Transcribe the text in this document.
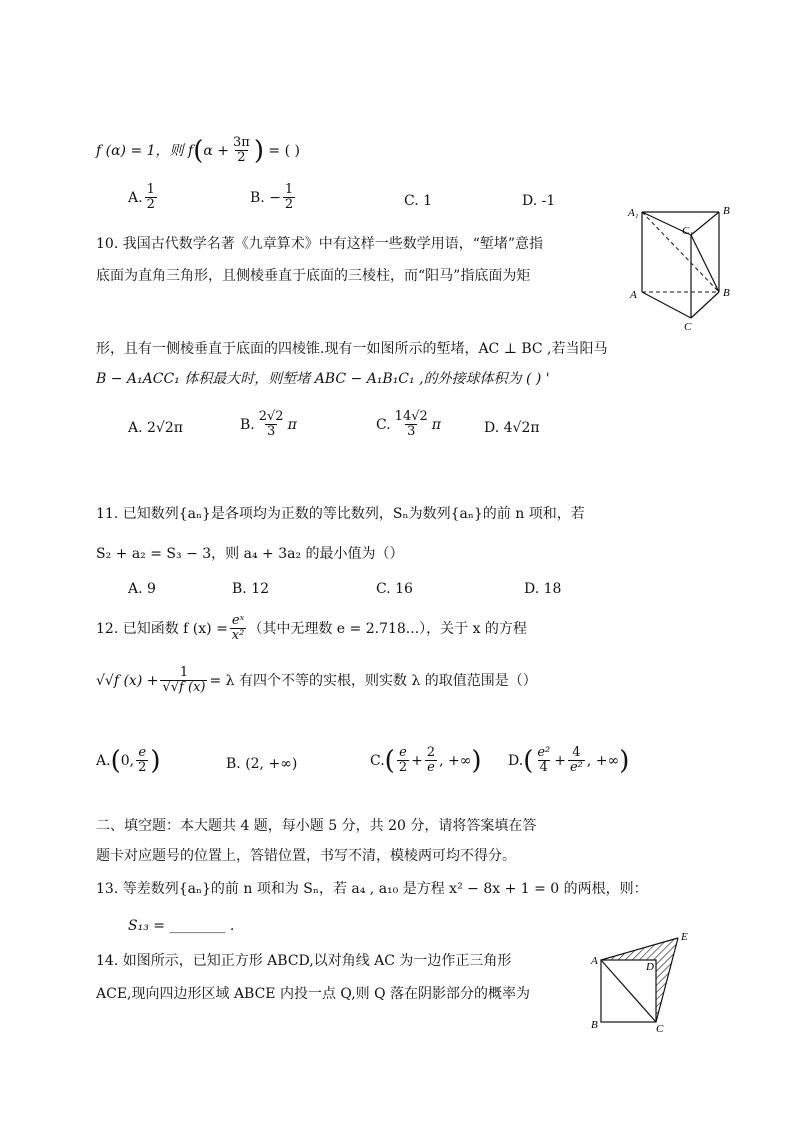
f (α) = 1，则 $f(\alpha + \frac{3\pi}{2}$ ) = ( )
A. $\frac{1}{2}$	B. − $\frac{1}{2}$	C. 1	D. -1
10. 我国古代数学名著《九章算术》中有这样一些数学用语，“堑堵”意指
底面为直角三角形，且侧棱垂直于底面的三棱柱，而“阳马”指底面为矩
形，且有一侧棱垂直于底面的四棱锥.现有一如图所示的堑堵，AC ⊥ BC ,若当阳马
B − A₁ACC₁ 体积最大时，则堑堵 ABC − A₁B₁C₁ ,的外接球体积为 ( ) '
A. 2√2π	B. $\frac{2√2}{3}$ π	C. $\frac{14√2}{3}$ π	D. 4√2π
A₁	B
C₁
A	B
C
11. 已知数列{aₙ}是各项均为正数的等比数列，Sₙ为数列{aₙ}的前 n 项和，若
S₂ + a₂ = S₃ − 3，则 a₄ + 3a₂ 的最小值为（）
A. 9	B. 12	C. 16	D. 18
12. 已知函数 f $(x) = \frac{\text{eˣ}}{\text{x²}}$ （其中无理数 e = 2.718...），关于 x 的方程
√√f $(x) + \frac{1}{√√f (x)} = \lambda$ 有四个不等的实根，则实数 λ 的取值范围是（）
A.(0, $\frac{e}{2}$ )	B. (2, +∞)	$C.( \frac{e}{2} + \frac{2}{e}$ , +∞) $D.( \frac{\text{e²}}{4} + \frac{4}{\text{e²}}$ , +∞)
二、填空题：本大题共 4 题，每小题 5 分，共 20 分，请将答案填在答
题卡对应题号的位置上，答错位置，书写不清，模棱两可均不得分。
13. 等差数列{aₙ}的前 n 项和为 Sₙ，若 a₄ , a₁₀ 是方程 x² − 8x + 1 = 0 的两根，则：
S₁₃ = ________ .
14. 如图所示，已知正方形 ABCD,以对角线 AC 为一边作正三角形
ACE,现向四边形区域 ABCE 内投一点 Q,则 Q 落在阴影部分的概率为
A
B	C
D
E
